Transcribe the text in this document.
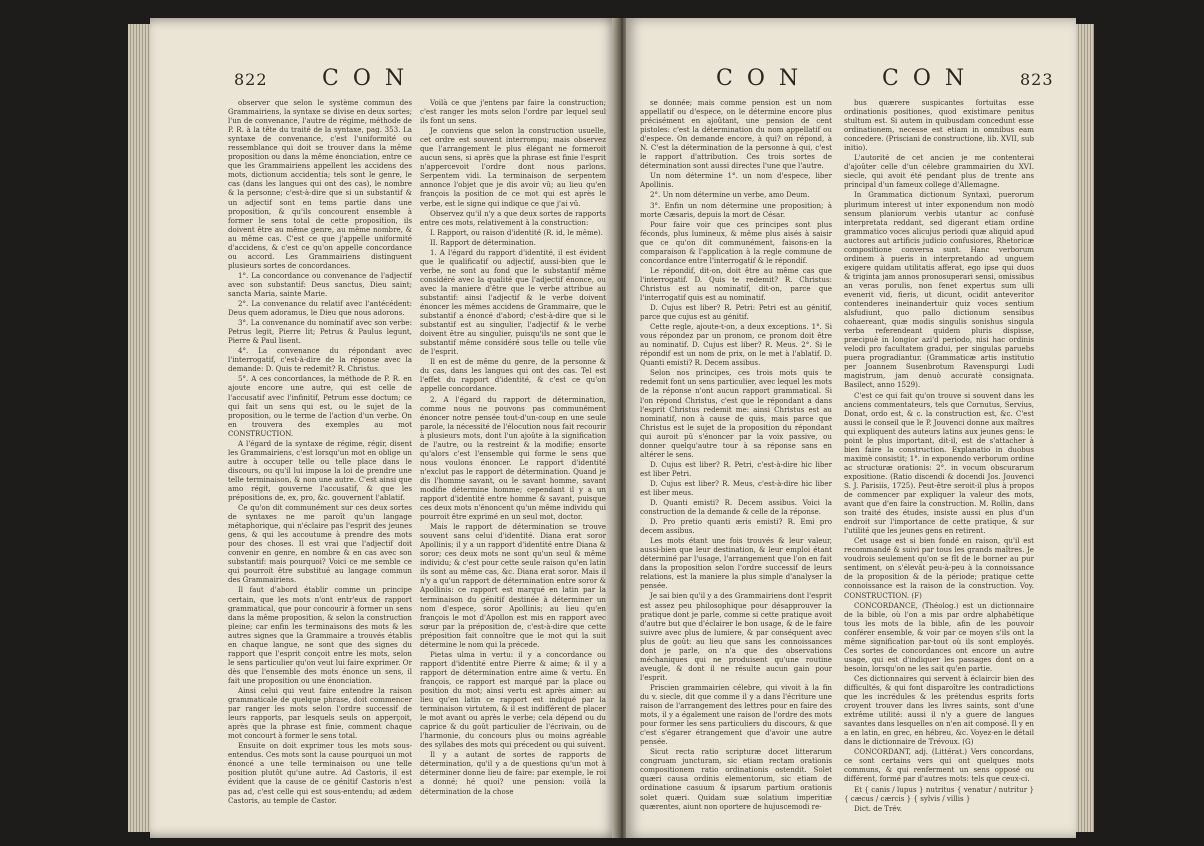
822 CON

observer que selon le système commun des Grammairiens, la syntaxe se divise en deux sortes; l'un de convenance, l'autre de régime, méthode de P. R. à la tête du traité de la syntaxe, pag. 353. La syntaxe de convenance, c'est l'uniformité ou ressemblance qui doit se trouver dans la même proposition ou dans la même énonciation, entre ce que les Grammairiens appellent les accidens des mots, dictionum accidentia; tels sont le genre, le cas (dans les langues qui ont des cas), le nombre & la personne; c'est-à-dire que si un substantif & un adjectif sont en tems partie dans une proposition, & qu'ils concourent ensemble à former le sens total de cette proposition, ils doivent être au même genre, au même nombre, & au même cas. C'est ce que j'appelle uniformité d'accidens, & c'est ce qu'on appelle concordance ou accord. Les Grammairiens distinguent plusieurs sortes de concordances.

1°. La concordance ou convenance de l'adjectif avec son substantif: Deus sanctus, Dieu saint; sancta Maria, sainte Marie.

2°. La convenance du relatif avec l'antécédent: Deus quem adoramus, le Dieu que nous adorons.

3°. La convenance du nominatif avec son verbe: Petrus legit, Pierre lit; Petrus & Paulus legunt, Pierre & Paul lisent.

4°. La convenance du répondant avec l'interrogatif, c'est-à-dire de la réponse avec la demande: D. Quis te redemit? R. Christus.

5°. A ces concordances, la méthode de P. R. en ajoute encore une autre, qui est celle de l'accusatif avec l'infinitif, Petrum esse doctum; ce qui fait un sens qui est, ou le sujet de la proposition, ou le terme de l'action d'un verbe. On en trouvera des exemples au mot CONSTRUCTION.

A l'égard de la syntaxe de régime, régir, disent les Grammairiens, c'est lorsqu'un mot en oblige un autre à occuper telle ou telle place dans le discours, ou qu'il lui impose la loi de prendre une telle terminaison, & non une autre. C'est ainsi que amo régit, gouverne l'accusatif, & que les prépositions de, ex, pro, &c. gouvernent l'ablatif.

Ce qu'on dit communément sur ces deux sortes de syntaxes ne me paroît qu'un langage métaphorique, qui n'éclaire pas l'esprit des jeunes gens, & qui les accoutume à prendre des mots pour des choses. Il est vrai que l'adjectif doit convenir en genre, en nombre & en cas avec son substantif: mais pourquoi? Voici ce me semble ce qui pourroit être substitué au langage commun des Grammairiens.

Il faut d'abord établir comme un principe certain, que les mots n'ont entr'eux de rapport grammatical, que pour concourir à former un sens dans la même proposition, & selon la construction pleine; car enfin les terminaisons des mots & les autres signes que la Grammaire a trouvés établis en chaque langue, ne sont que des signes du rapport que l'esprit conçoit entre les mots, selon le sens particulier qu'on veut lui faire exprimer. Or dès que l'ensemble des mots énonce un sens, il fait une proposition ou une énonciation.

Ainsi celui qui veut faire entendre la raison grammaticale de quelque phrase, doit commencer par ranger les mots selon l'ordre successif de leurs rapports, par lesquels seuls on apperçoit, après que la phrase est finie, comment chaque mot concourt à former le sens total.

Ensuite on doit exprimer tous les mots sous-entendus. Ces mots sont la cause pourquoi un mot énoncé a une telle terminaison ou une telle position plutôt qu'une autre. Ad Castoris, il est évident que la cause de ce génitif Castoris n'est pas ad, c'est celle qui est sous-entendu; ad ædem Castoris, au temple de Castor.

Voilà ce que j'entens par faire la construction; c'est ranger les mots selon l'ordre par lequel seul ils font un sens.

Je conviens que selon la construction usuelle, cet ordre est souvent interrompu; mais observez que l'arrangement le plus élégant ne formeroit aucun sens, si après que la phrase est finie l'esprit n'appercevoit l'ordre dont nous parlons. Serpentem vidi. La terminaison de serpentem annonce l'objet que je dis avoir vû; au lieu qu'en françois la position de ce mot qui est après le verbe, est le signe qui indique ce que j'ai vû.

Observez qu'il n'y a que deux sortes de rapports entre ces mots, relativement à la construction:

I. Rapport, ou raison d'identité (R. id, le même).

II. Rapport de détermination.

1. A l'égard du rapport d'identité, il est évident que le qualificatif ou adjectif, aussi-bien que le verbe, ne sont au fond que le substantif même considéré avec la qualité que l'adjectif énonce, ou avec la maniere d'être que le verbe attribue au substantif: ainsi l'adjectif & le verbe doivent énoncer les mêmes accidens de Grammaire, que le substantif a énoncé d'abord; c'est-à-dire que si le substantif est au singulier, l'adjectif & le verbe doivent être au singulier, puisqu'ils ne sont que le substantif même considéré sous telle ou telle vûe de l'esprit.

Il en est de même du genre, de la personne & du cas, dans les langues qui ont des cas. Tel est l'effet du rapport d'identité, & c'est ce qu'on appelle concordance.

2. A l'égard du rapport de détermination, comme nous ne pouvons pas communément énoncer notre pensée tout-d'un-coup en une seule parole, la nécessité de l'élocution nous fait recourir à plusieurs mots, dont l'un ajoûte à la signification de l'autre, ou la restreint & la modifie; ensorte qu'alors c'est l'ensemble qui forme le sens que nous voulons énoncer. Le rapport d'identité n'exclut pas le rapport de détermination. Quand je dis l'homme savant, ou le savant homme, savant modifie détermine homme; cependant il y a un rapport d'identité entre homme & savant, puisque ces deux mots n'énoncent qu'un même individu qui pourroit être exprimé en un seul mot, doctor.

Mais le rapport de détermination se trouve souvent sans celui d'identité. Diana erat soror Apollinis; il y a un rapport d'identité entre Diana & soror; ces deux mots ne sont qu'un seul & même individu; & c'est pour cette seule raison qu'en latin ils sont au même cas, &c. Diana erat soror. Mais il n'y a qu'un rapport de détermination entre soror & Apollinis: ce rapport est marqué en latin par la terminaison du génitif destinée à déterminer un nom d'espece, soror Apollinis; au lieu qu'en françois le mot d'Apollon est mis en rapport avec sœur par la préposition de, c'est-à-dire que cette préposition fait connoître que le mot qui la suit détermine le nom qui la précede.

Pietas ulma in vertu: il y a concordance ou rapport d'identité entre Pierre & aime; & il y a rapport de détermination entre aime & vertu. En françois, ce rapport est marqué par la place ou position du mot; ainsi vertu est après aimer: au lieu qu'en latin ce rapport est indiqué par la terminaison virtutem, & il est indifférent de placer le mot avant ou après le verbe; cela dépend ou du caprice & du goût particulier de l'écrivain, ou de l'harmonie, du concours plus ou moins agréable des syllabes des mots qui précedent ou qui suivent.

Il y a autant de sortes de rapports de détermination, qu'il y a de questions qu'un mot à déterminer donne lieu de faire: par exemple, le roi a donné; hé quoi? une pension: voilà la détermination de la chose

CON	CON	823

se donnée; mais comme pension est un nom appellatif ou d'espece, on le détermine encore plus précisément en ajoûtant, une pension de cent pistoles: c'est la détermination du nom appellatif ou d'espece. On demande encore, à qui? on répond, à N. C'est la détermination de la personne à qui, c'est le rapport d'attribution. Ces trois sortes de détermination sont aussi directes l'une que l'autre.

Un nom détermine 1°. un nom d'espece, liber Apollinis.

2°. Un nom détermine un verbe, amo Deum.

3°. Enfin un nom détermine une proposition; à morte Cæsaris, depuis la mort de César.

Pour faire voir que ces principes sont plus féconds, plus lumineux, & même plus aisés à saisir que ce qu'on dit communément, faisons-en la comparaison & l'application à la regle commune de concordance entre l'interrogatif & le répondif.

Le répondif, dit-on, doit être au même cas que l'interrogatif. D. Quis te redemit? R. Christus: Christus est au nominatif, dit-on, parce que l'interrogatif quis est au nominatif.

D. Cujus est liber? R. Petri: Petri est au génitif, parce que cujus est au génitif.

Cette regle, ajoute-t-on, a deux exceptions. 1°. Si vous répondez par un pronom, ce pronom doit être au nominatif. D. Cujus est liber? R. Meus. 2°. Si le répondif est un nom de prix, on le met à l'ablatif. D. Quanti emisti? R. Decem assibus.

Selon nos principes, ces trois mots quis te redemit font un sens particulier, avec lequel les mots de la réponse n'ont aucun rapport grammatical. Si l'on répond Christus, c'est que le répondant a dans l'esprit Christus redemit me: ainsi Christus est au nominatif, non à cause de quis, mais parce que Christus est le sujet de la proposition du répondant qui auroit pû s'énoncer par la voix passive, ou donner quelqu'autre tour à sa réponse sans en altérer le sens.

D. Cujus est liber? R. Petri, c'est-à-dire hic liber est liber Petri.

D. Cujus est liber? R. Meus, c'est-à-dire hic liber est liber meus.

D. Quanti emisti? R. Decem assibus. Voici la construction de la demande & celle de la réponse.

D. Pro pretio quanti æris emisti? R. Emi pro decem assibus.

Les mots étant une fois trouvés & leur valeur, aussi-bien que leur destination, & leur emploi étant déterminé par l'usage, l'arrangement que l'on en fait dans la proposition selon l'ordre successif de leurs relations, est la maniere la plus simple d'analyser la pensée.

Je sai bien qu'il y a des Grammairiens dont l'esprit est assez peu philosophique pour désapprouver la pratique dont je parle, comme si cette pratique avoit d'autre but que d'éclairer le bon usage, & de le faire suivre avec plus de lumiere, & par conséquent avec plus de goût: au lieu que sans les connoissances dont je parle, on n'a que des observations méchaniques qui ne produisent qu'une routine aveugle, & dont il ne résulte aucun gain pour l'esprit.

Priscien grammairien célebre, qui vivoit à la fin du v. siecle, dit que comme il y a dans l'écriture une raison de l'arrangement des lettres pour en faire des mots, il y a également une raison de l'ordre des mots pour former les sens particuliers du discours, & que c'est s'égarer étrangement que d'avoir une autre pensée.

Sicut recta ratio scripturæ docet litterarum congruam juncturam, sic etiam rectam orationis compositionem ratio ordinationis ostendit. Solet quæri causa ordinis elementorum, sic etiam de ordinatione casuum & ipsarum partium orationis solet quæri. Quidam suæ solatium imperitiæ quærentes, aiunt non oportere de hujuscemodi re-

bus quærere suspicantes fortuitas esse ordinationis positiones, quod existimare penitus stultum est. Si autem in quibusdam concedunt esse ordinationem, necesse est etiam in omnibus eam concedere. (Prisciani de constructione, lib. XVII, sub initio).

L'autorité de cet ancien je me contenterai d'ajoûter celle d'un célebre grammairien du XVI. siecle, qui avoit été pendant plus de trente ans principal d'un fameux college d'Allemagne.

In Grammatica dictionum Syntaxi, puerorum plurimum interest ut inter exponendum non modò sensum planiorum verbis utantur ac confusè interpretata reddant, sed digerant etiam ordine grammatico voces alicujus periodi quæ aliquid apud auctores aut artificis judicio confusiores, Rhetoricæ compositione conversa sunt. Hanc verborum ordinem à pueris in interpretando ad unguem exigere quidam utilitatis afferat, ego ipse qui duos & triginta jam annos pronosuperari sensi, omissibus an veras porulis, non fenet expertus sum ulli evenerit vid, fieris, ut dicunt, ocidit anteveritor contenderes ineinandertuir quiz voces sentium alsfudiunt, quo pallo dictionum sensibus cohaereant, quæ modis singulis sonishus singula verba referendeant quidem pluris dispisse, præcipuè in longior azi'd periodo, nisi hac ordinis velodi pro facultatem gradui, per singulas paruebs puera progradiantur. (Grammaticæ artis institutio per Joannem Susenbrotum Ravenspurgi Ludi magistrum, jam denuò accuratè consignata. Basilect, anno 1529).

C'est ce qui fait qu'on trouve si souvent dans les anciens commentateurs, tels que Cornutus, Servius, Donat, ordo est, & c. la construction est, &c. C'est aussi le conseil que le P. Jouvenci donne aux maîtres qui expliquent des auteurs latins aux jeunes gens: le point le plus important, dit-il, est de s'attacher à bien faire la construction. Explanatio in duobus maximè consistit; 1°. in exponendo verborum ordine ac structuræ orationis: 2°. in vocum obscurarum expositione. (Ratio discendi & docendi Jos. Jouvenci S. J. Parisiis, 1725). Peut-être seroit-il plus à propos de commencer par expliquer la valeur des mots, avant que d'en faire la construction. M. Rollin, dans son traité des études, insiste aussi en plus d'un endroit sur l'importance de cette pratique, & sur l'utilité que les jeunes gens en retirent.

Cet usage est si bien fondé en raison, qu'il est recommandé & suivi par tous les grands maîtres. Je voudrois seulement qu'on se fît de le borner au pur sentiment, on s'élevât peu-à-peu à la connoissance de la proposition & de la période; pratique cette connoissance est la raison de la construction. Voy. CONSTRUCTION. (F)

CONCORDANCE, (Théolog.) est un dictionnaire de la bible, où l'on a mis par ordre alphabétique tous les mots de la bible, afin de les pouvoir conférer ensemble, & voir par ce moyen s'ils ont la même signification par-tout où ils sont employés. Ces sortes de concordances ont encore un autre usage, qui est d'indiquer les passages dont on a besoin, lorsqu'on ne les sait qu'en partie.

Ces dictionnaires qui servent à éclaircir bien des difficultés, & qui font disparoître les contradictions que les incrédules & les prétendus esprits forts croyent trouver dans les livres saints, sont d'une extrême utilité: aussi il n'y a guere de langues savantes dans lesquelles on n'en ait composé. Il y en a en latin, en grec, en hébreu, &c. Voyez-en le détail dans le dictionnaire de Trévoux. (G)

CONCORDANT, adj. (Littérat.) Vers concordans, ce sont certains vers qui ont quelques mots communs, & qui renferment un sens opposé ou différent, formé par d'autres mots: tels que ceux-ci.

Et { canis / lupus } nutritus { venatur / nutritur } { cæcus / cærcis } { sylvis / villis }

Dict. de Trév.
